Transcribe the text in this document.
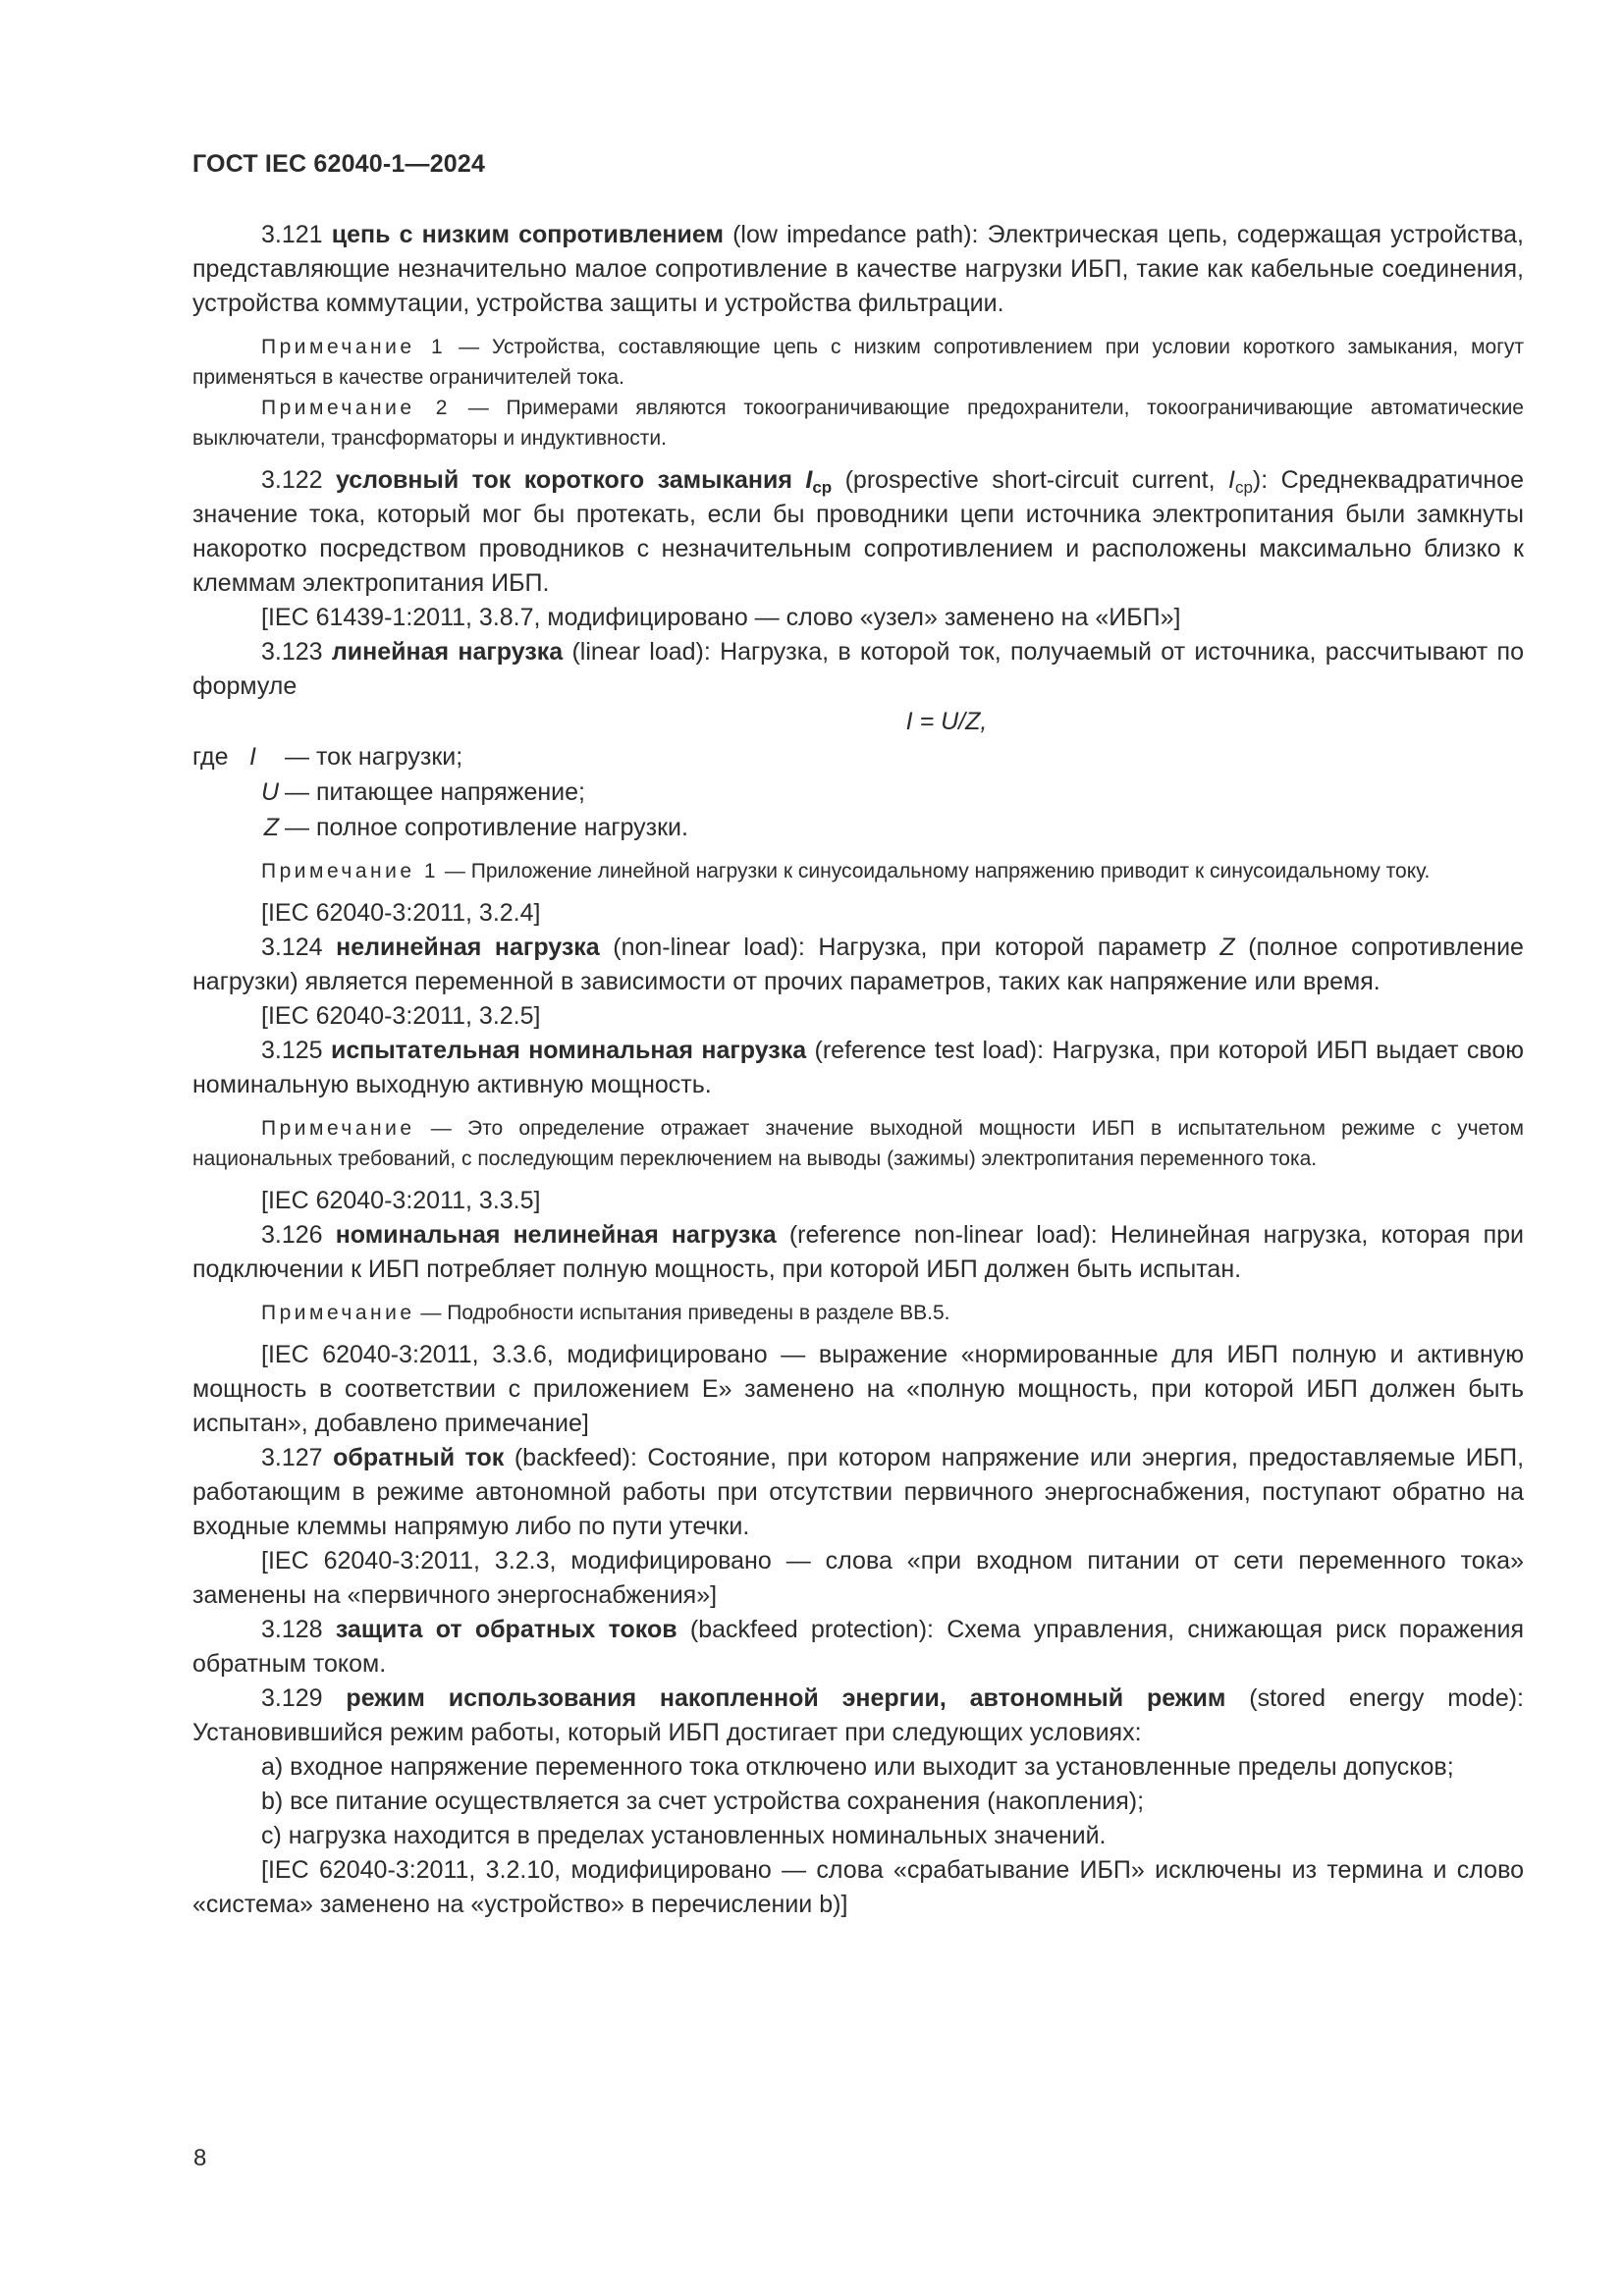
ГОСТ IEC 62040-1—2024

3.121 цепь с низким сопротивлением (low impedance path): Электрическая цепь, содержащая устройства, представляющие незначительно малое сопротивление в качестве нагрузки ИБП, такие как кабельные соединения, устройства коммутации, устройства защиты и устройства фильтрации.

Примечание 1 — Устройства, составляющие цепь с низким сопротивлением при условии короткого замыкания, могут применяться в качестве ограничителей тока.

Примечание 2 — Примерами являются токоограничивающие предохранители, токоограничивающие автоматические выключатели, трансформаторы и индуктивности.

3.122 условный ток короткого замыкания $I_{ср}$ (prospective short-circuit current, $I_{ср}$): Среднеквадратичное значение тока, который мог бы протекать, если бы проводники цепи источника электропитания были замкнуты накоротко посредством проводников с незначительным сопротивлением и расположены максимально близко к клеммам электропитания ИБП.

[IEC 61439-1:2011, 3.8.7, модифицировано — слово «узел» заменено на «ИБП»]

3.123 линейная нагрузка (linear load): Нагрузка, в которой ток, получаемый от источника, рассчитывают по формуле

I = U/Z,

где I	— ток нагрузки;
U — питающее напряжение;
Z — полное сопротивление нагрузки.

Примечание 1 — Приложение линейной нагрузки к синусоидальному напряжению приводит к синусоидальному току.

[IEC 62040-3:2011, 3.2.4]

3.124 нелинейная нагрузка (non-linear load): Нагрузка, при которой параметр Z (полное сопротивление нагрузки) является переменной в зависимости от прочих параметров, таких как напряжение или время.

[IEC 62040-3:2011, 3.2.5]

3.125 испытательная номинальная нагрузка (reference test load): Нагрузка, при которой ИБП выдает свою номинальную выходную активную мощность.

Примечание — Это определение отражает значение выходной мощности ИБП в испытательном режиме с учетом национальных требований, с последующим переключением на выводы (зажимы) электропитания переменного тока.

[IEC 62040-3:2011, 3.3.5]

3.126 номинальная нелинейная нагрузка (reference non-linear load): Нелинейная нагрузка, которая при подключении к ИБП потребляет полную мощность, при которой ИБП должен быть испытан.

Примечание — Подробности испытания приведены в разделе ВВ.5.

[IEC 62040-3:2011, 3.3.6, модифицировано — выражение «нормированные для ИБП полную и активную мощность в соответствии с приложением Е» заменено на «полную мощность, при которой ИБП должен быть испытан», добавлено примечание]

3.127 обратный ток (backfeed): Состояние, при котором напряжение или энергия, предоставляемые ИБП, работающим в режиме автономной работы при отсутствии первичного энергоснабжения, поступают обратно на входные клеммы напрямую либо по пути утечки.

[IEC 62040-3:2011, 3.2.3, модифицировано — слова «при входном питании от сети переменного тока» заменены на «первичного энергоснабжения»]

3.128 защита от обратных токов (backfeed protection): Схема управления, снижающая риск поражения обратным током.

3.129 режим использования накопленной энергии, автономный режим (stored energy mode): Установившийся режим работы, который ИБП достигает при следующих условиях:

a) входное напряжение переменного тока отключено или выходит за установленные пределы допусков;

b) все питание осуществляется за счет устройства сохранения (накопления);

c) нагрузка находится в пределах установленных номинальных значений.

[IEC 62040-3:2011, 3.2.10, модифицировано — слова «срабатывание ИБП» исключены из термина и слово «система» заменено на «устройство» в перечислении b)]

8
